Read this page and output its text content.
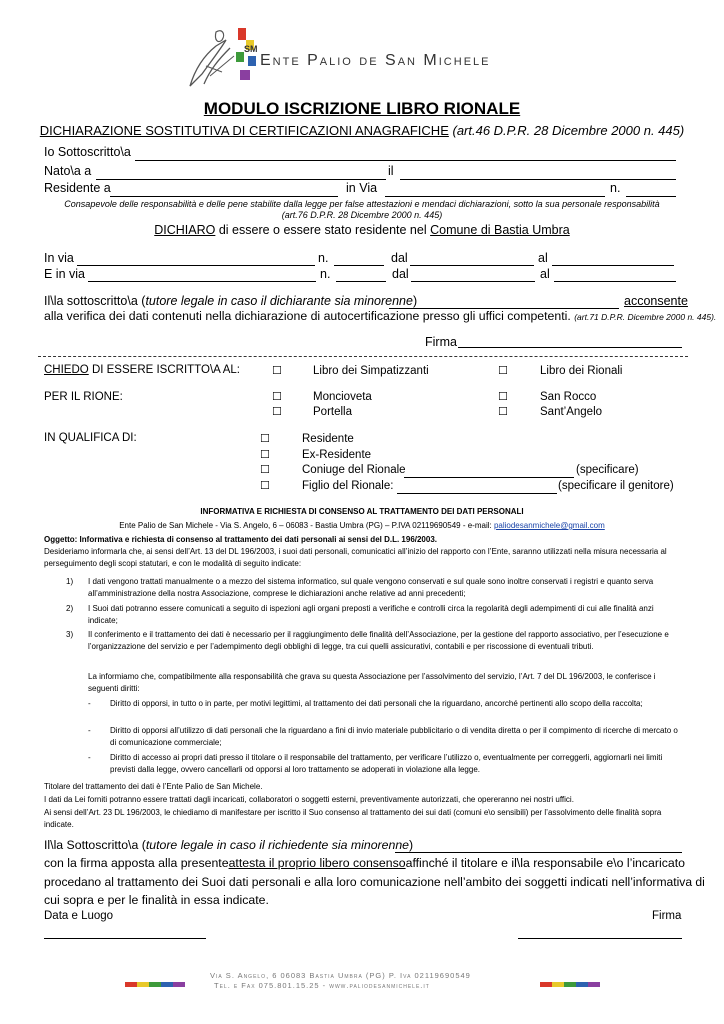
SM
Ente Palio de San Michele
MODULO ISCRIZIONE LIBRO RIONALE
DICHIARAZIONE SOSTITUTIVA DI CERTIFICAZIONI ANAGRAFICHE (art.46 D.P.R. 28 Dicembre 2000 n. 445)
Io Sottoscritto\a
Nato\a a	il
Residente a	in Via	n.
Consapevole delle responsabilità e delle pene stabilite dalla legge per false attestazioni e mendaci dichiarazioni, sotto la sua personale responsabilità
(art.76 D.P.R. 28 Dicembre 2000 n. 445)
DICHIARO di essere o essere stato residente nel Comune di Bastia Umbra
In via	n.	dal	al
E in via	n.	dal	al
Il\la sottoscritto\a (tutore legale in caso il dichiarante sia minorenne)	acconsente
alla verifica dei dati contenuti nella dichiarazione di autocertificazione presso gli uffici competenti. (art.71 D.P.R. Dicembre 2000 n. 445).
Firma
CHIEDO DI ESSERE ISCRITTO\A AL:	☐	Libro dei Simpatizzanti	☐	Libro dei Rionali
PER IL RIONE:	☐	Moncioveta	☐	San Rocco
☐	Portella	☐	Sant’Angelo
IN QUALIFICA DI:	☐	Residente
☐	Ex-Residente
☐	Coniuge del Rionale	(specificare)
☐	Figlio del Rionale:	(specificare il genitore)
INFORMATIVA E RICHIESTA DI CONSENSO AL TRATTAMENTO DEI DATI PERSONALI
Ente Palio de San Michele - Via S. Angelo, 6 – 06083 - Bastia Umbra (PG) – P.IVA 02119690549 - e-mail: paliodesanmichele@gmail.com
Oggetto: Informativa e richiesta di consenso al trattamento dei dati personali ai sensi del D.L. 196/2003.
Desideriamo informarla che, ai sensi dell’Art. 13 del DL 196/2003, i suoi dati personali, comunicatici all’inizio del rapporto con l’Ente, saranno utilizzati nella misura necessaria al perseguimento degli scopi statutari, e con le modalità di seguito indicate:
1) I dati vengono trattati manualmente o a mezzo del sistema informatico, sul quale vengono conservati e sul quale sono inoltre conservati i registri e quanto serva all’amministrazione della nostra Associazione, comprese le dichiarazioni anche relative ad anni precedenti;
2) I Suoi dati potranno essere comunicati a seguito di ispezioni agli organi preposti a verifiche e controlli circa la regolarità degli adempimenti di cui alle finalità anzi indicate;
3) Il conferimento e il trattamento dei dati è necessario per il raggiungimento delle finalità dell’Associazione, per la gestione del rapporto associativo, per l’esecuzione e l’organizzazione del servizio e per l’adempimento degli obblighi di legge, tra cui quelli assicurativi, contabili e per riscossione di eventuali tributi.
La informiamo che, compatibilmente alla responsabilità che grava su questa Associazione per l’assolvimento del servizio, l’Art. 7 del DL 196/2003, le conferisce i seguenti diritti:
- Diritto di opporsi, in tutto o in parte, per motivi legittimi, al trattamento dei dati personali che la riguardano, ancorché pertinenti allo scopo della raccolta;
- Diritto di opporsi all’utilizzo di dati personali che la riguardano a fini di invio materiale pubblicitario o di vendita diretta o per il compimento di ricerche di mercato o di comunicazione commerciale;
- Diritto di accesso ai propri dati presso il titolare o il responsabile del trattamento, per verificare l’utilizzo o, eventualmente per correggerli, aggiornarli nei limiti previsti dalla legge, ovvero cancellarli od opporsi al loro trattamento se adoperati in violazione alla legge.
Titolare del trattamento dei dati è l’Ente Palio de San Michele.
I dati da Lei forniti potranno essere trattati dagli incaricati, collaboratori o soggetti esterni, preventivamente autorizzati, che opereranno nei nostri uffici.
Ai sensi dell’Art. 23 DL 196/2003, le chiediamo di manifestare per iscritto il Suo consenso al trattamento dei sui dati (comuni e\o sensibili) per l’assolvimento delle finalità sopra indicate.
Il\la Sottoscritto\a (tutore legale in caso il richiedente sia minorenne)
con la firma apposta alla presente attesta il proprio libero consenso affinché il titolare e il\la responsabile e\o l’incaricato
procedano al trattamento dei Suoi dati personali e alla loro comunicazione nell’ambito dei soggetti indicati nell’informativa di
cui sopra e per le finalità in essa indicate.
Data e Luogo	Firma
Via S. Angelo, 6 06083 Bastia Umbra (PG) P. Iva 02119690549
Tel. e Fax 075.801.15.25 - www.paliodesanmichele.it
